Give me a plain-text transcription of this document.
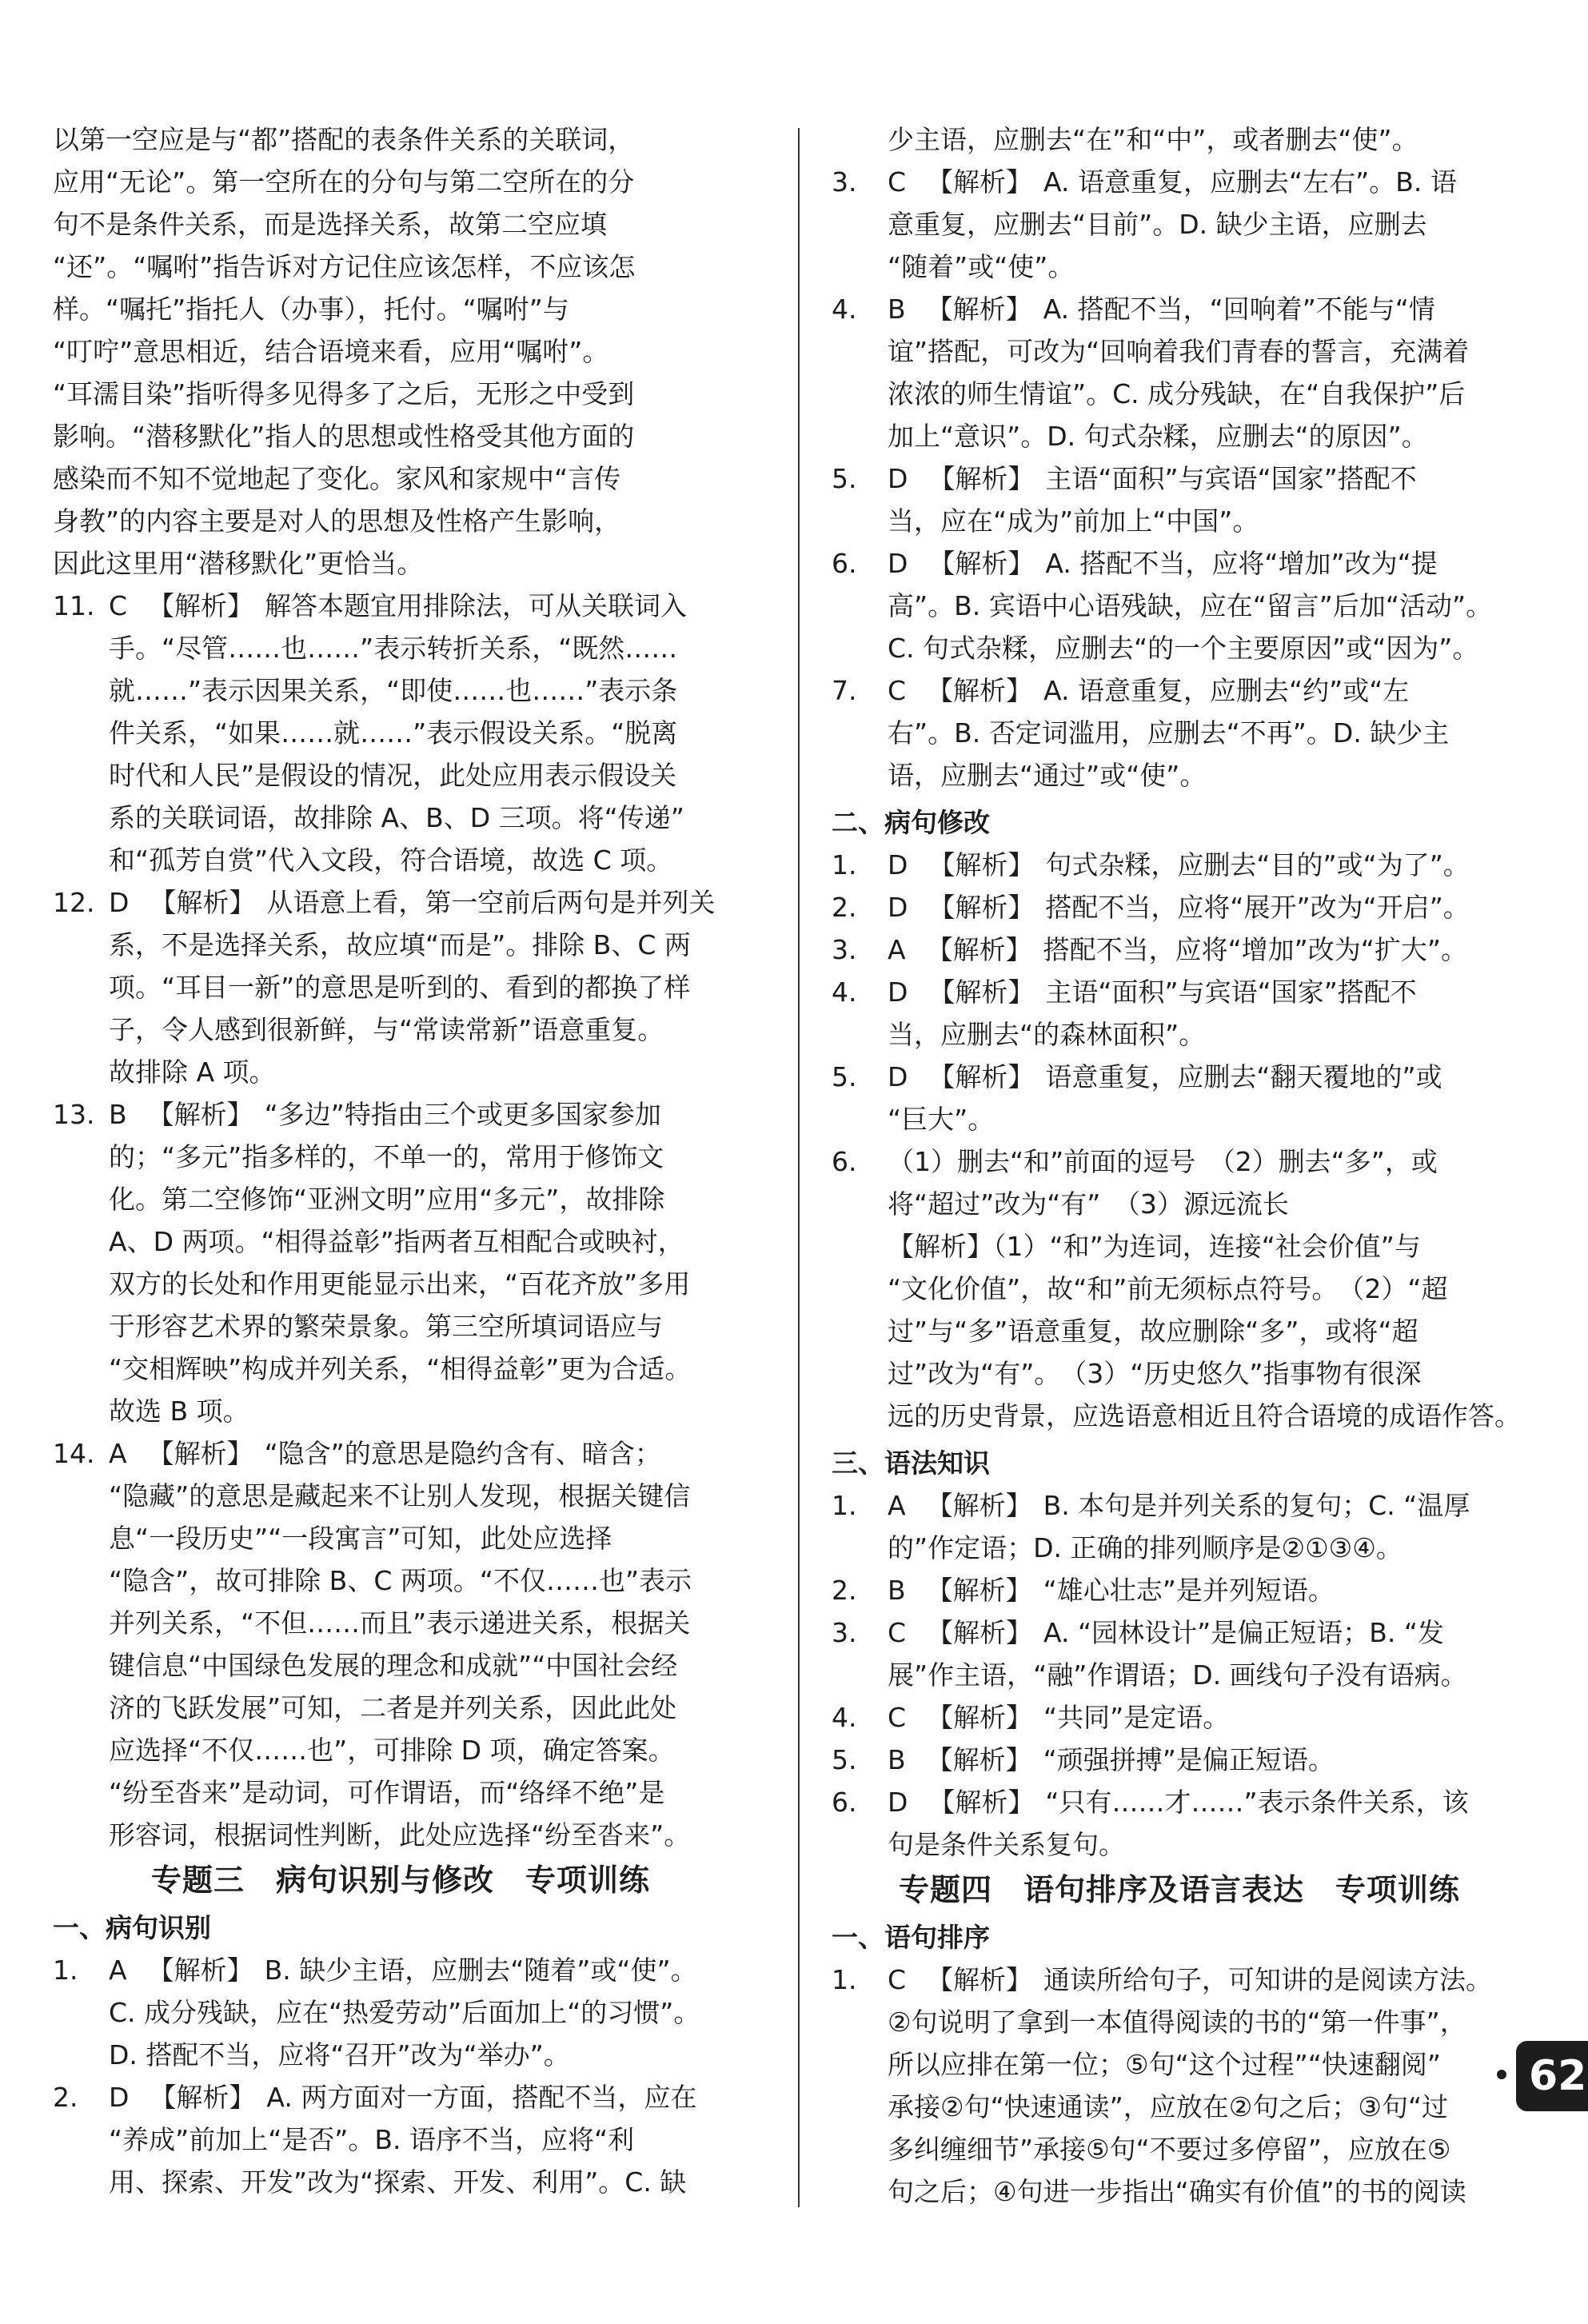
以第一空应是与“都”搭配的表条件关系的关联词，

应用“无论”。第一空所在的分句与第二空所在的分

句不是条件关系，而是选择关系，故第二空应填

“还”。“嘱咐”指告诉对方记住应该怎样，不应该怎

样。“嘱托”指托人（办事），托付。“嘱咐”与

“叮咛”意思相近，结合语境来看，应用“嘱咐”。

“耳濡目染”指听得多见得多了之后，无形之中受到

影响。“潜移默化”指人的思想或性格受其他方面的

感染而不知不觉地起了变化。家风和家规中“言传

身教”的内容主要是对人的思想及性格产生影响，

因此这里用“潜移默化”更恰当。

11. C 【解析】 解答本题宜用排除法，可从关联词入

手。“尽管……也……”表示转折关系，“既然……

就……”表示因果关系，“即使……也……”表示条

件关系，“如果……就……”表示假设关系。“脱离

时代和人民”是假设的情况，此处应用表示假设关

系的关联词语，故排除 A、B、D 三项。将“传递”

和“孤芳自赏”代入文段，符合语境，故选 C 项。

12. D 【解析】 从语意上看，第一空前后两句是并列关

系，不是选择关系，故应填“而是”。排除 B、C 两

项。“耳目一新”的意思是听到的、看到的都换了样

子，令人感到很新鲜，与“常读常新”语意重复。

故排除 A 项。

13. B 【解析】 “多边”特指由三个或更多国家参加

的；“多元”指多样的，不单一的，常用于修饰文

化。第二空修饰“亚洲文明”应用“多元”，故排除

A、D 两项。“相得益彰”指两者互相配合或映衬，

双方的长处和作用更能显示出来，“百花齐放”多用

于形容艺术界的繁荣景象。第三空所填词语应与

“交相辉映”构成并列关系，“相得益彰”更为合适。

故选 B 项。

14. A 【解析】 “隐含”的意思是隐约含有、暗含；

“隐藏”的意思是藏起来不让别人发现，根据关键信

息“一段历史”“一段寓言”可知，此处应选择

“隐含”，故可排除 B、C 两项。“不仅……也”表示

并列关系，“不但……而且”表示递进关系，根据关

键信息“中国绿色发展的理念和成就”“中国社会经

济的飞跃发展”可知，二者是并列关系，因此此处

应选择“不仅……也”，可排除 D 项，确定答案。

“纷至沓来”是动词，可作谓语，而“络绎不绝”是

形容词，根据词性判断，此处应选择“纷至沓来”。

专题三　病句识别与修改　专项训练
一、病句识别
1. A 【解析】 B. 缺少主语，应删去“随着”或“使”。

C. 成分残缺，应在“热爱劳动”后面加上“的习惯”。

D. 搭配不当，应将“召开”改为“举办”。

2. D 【解析】 A. 两方面对一方面，搭配不当，应在

“养成”前加上“是否”。B. 语序不当，应将“利

用、探索、开发”改为“探索、开发、利用”。C. 缺

少主语，应删去“在”和“中”，或者删去“使”。

3. C 【解析】 A. 语意重复，应删去“左右”。B. 语

意重复，应删去“目前”。D. 缺少主语，应删去

“随着”或“使”。

4. B 【解析】 A. 搭配不当，“回响着”不能与“情

谊”搭配，可改为“回响着我们青春的誓言，充满着

浓浓的师生情谊”。C. 成分残缺，在“自我保护”后

加上“意识”。D. 句式杂糅，应删去“的原因”。

5. D 【解析】 主语“面积”与宾语“国家”搭配不

当，应在“成为”前加上“中国”。

6. D 【解析】 A. 搭配不当，应将“增加”改为“提

高”。B. 宾语中心语残缺，应在“留言”后加“活动”。

C. 句式杂糅，应删去“的一个主要原因”或“因为”。

7. C 【解析】 A. 语意重复，应删去“约”或“左

右”。B. 否定词滥用，应删去“不再”。D. 缺少主

语，应删去“通过”或“使”。

二、病句修改
1. D 【解析】 句式杂糅，应删去“目的”或“为了”。

2. D 【解析】 搭配不当，应将“展开”改为“开启”。

3. A 【解析】 搭配不当，应将“增加”改为“扩大”。

4. D 【解析】 主语“面积”与宾语“国家”搭配不

当，应删去“的森林面积”。

5. D 【解析】 语意重复，应删去“翻天覆地的”或

“巨大”。

6. （1）删去“和”前面的逗号　（2）删去“多”，或

将“超过”改为“有”　（3）源远流长

【解析】（1）“和”为连词，连接“社会价值”与

“文化价值”，故“和”前无须标点符号。　（2）“超

过”与“多”语意重复，故应删除“多”，或将“超

过”改为“有”。　（3）“历史悠久”指事物有很深

远的历史背景，应选语意相近且符合语境的成语作答。

三、语法知识
1. A 【解析】 B. 本句是并列关系的复句；C. “温厚

的”作定语；D. 正确的排列顺序是②①③④。

2. B 【解析】 “雄心壮志”是并列短语。

3. C 【解析】 A. “园林设计”是偏正短语；B. “发

展”作主语，“融”作谓语；D. 画线句子没有语病。

4. C 【解析】 “共同”是定语。

5. B 【解析】 “顽强拼搏”是偏正短语。

6. D 【解析】 “只有……才……”表示条件关系，该

句是条件关系复句。

专题四　语句排序及语言表达　专项训练
一、语句排序
1. C 【解析】 通读所给句子，可知讲的是阅读方法。

②句说明了拿到一本值得阅读的书的“第一件事”，

所以应排在第一位；⑤句“这个过程”“快速翻阅”

承接②句“快速通读”，应放在②句之后；③句“过

多纠缠细节”承接⑤句“不要过多停留”，应放在⑤

句之后；④句进一步指出“确实有价值”的书的阅读

62
